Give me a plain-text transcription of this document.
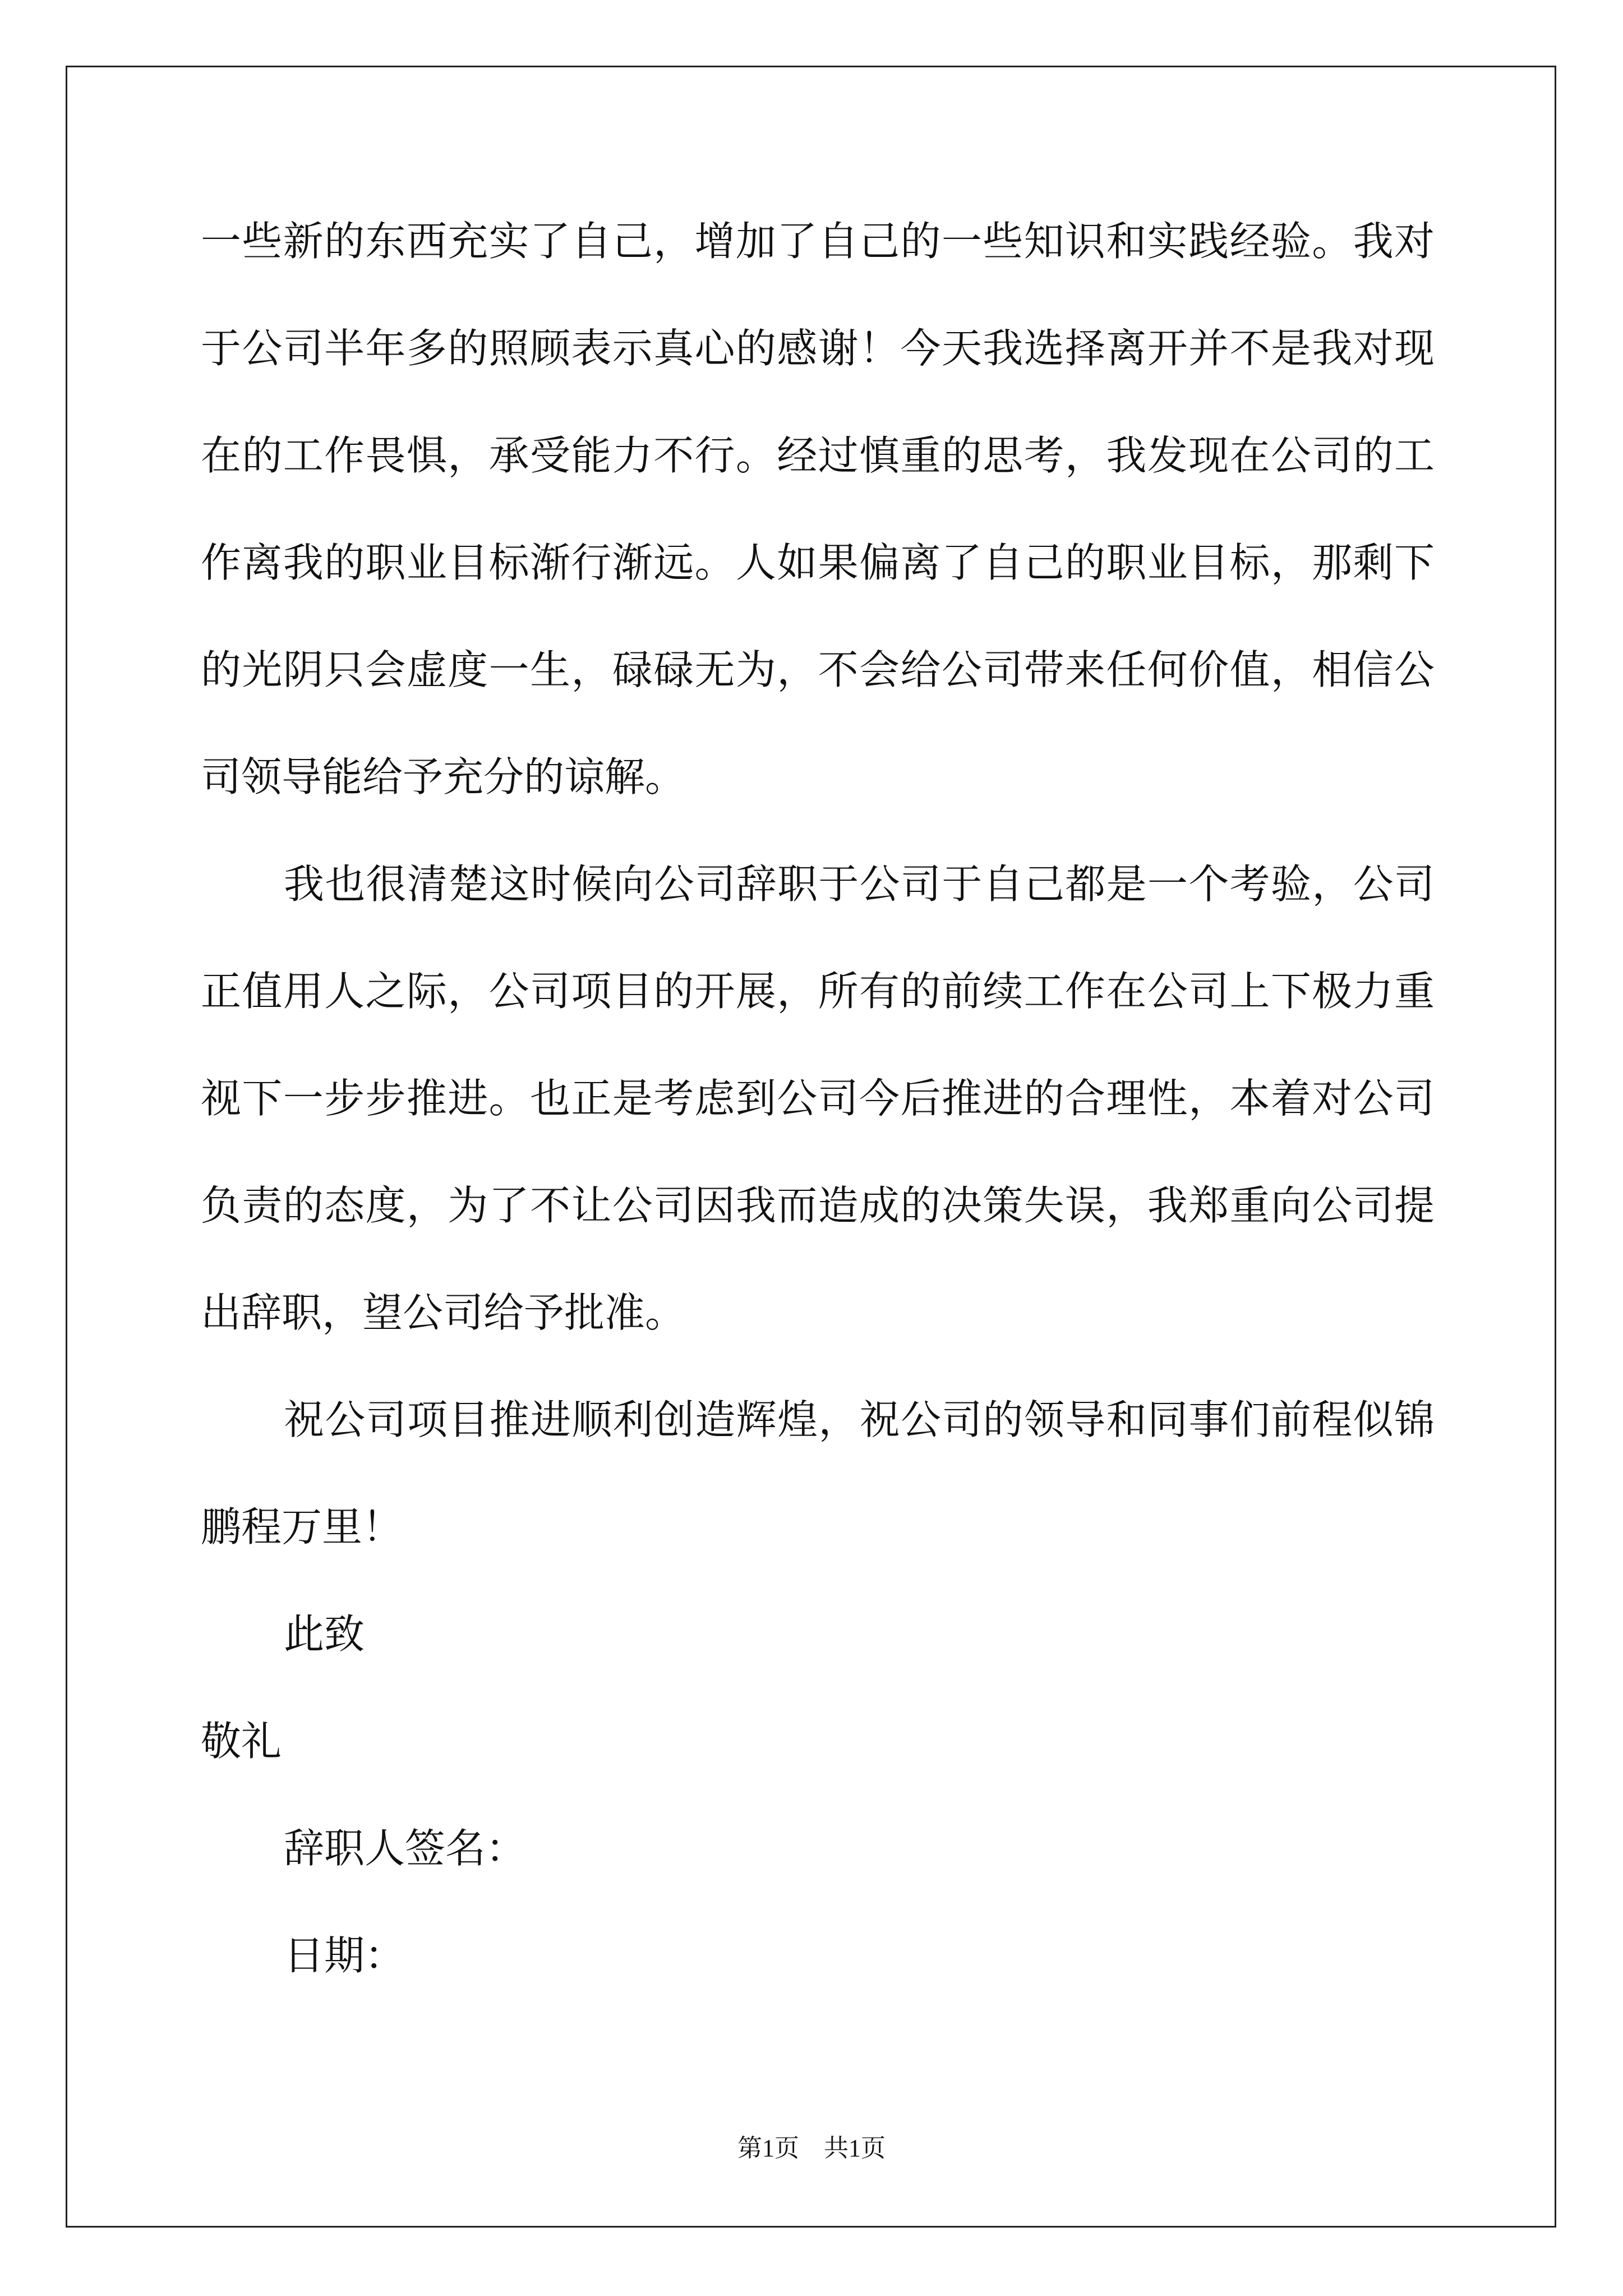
一些新的东西充实了自己，增加了自己的一些知识和实践经验。我对
于公司半年多的照顾表示真心的感谢！今天我选择离开并不是我对现
在的工作畏惧，承受能力不行。经过慎重的思考，我发现在公司的工
作离我的职业目标渐行渐远。人如果偏离了自己的职业目标，那剩下
的光阴只会虚度一生，碌碌无为，不会给公司带来任何价值，相信公
司领导能给予充分的谅解。
我也很清楚这时候向公司辞职于公司于自己都是一个考验，公司
正值用人之际，公司项目的开展，所有的前续工作在公司上下极力重
视下一步步推进。也正是考虑到公司今后推进的合理性，本着对公司
负责的态度，为了不让公司因我而造成的决策失误，我郑重向公司提
出辞职，望公司给予批准。
祝公司项目推进顺利创造辉煌，祝公司的领导和同事们前程似锦
鹏程万里！
此致
敬礼
辞职人签名：
日期：
第1页　共1页
